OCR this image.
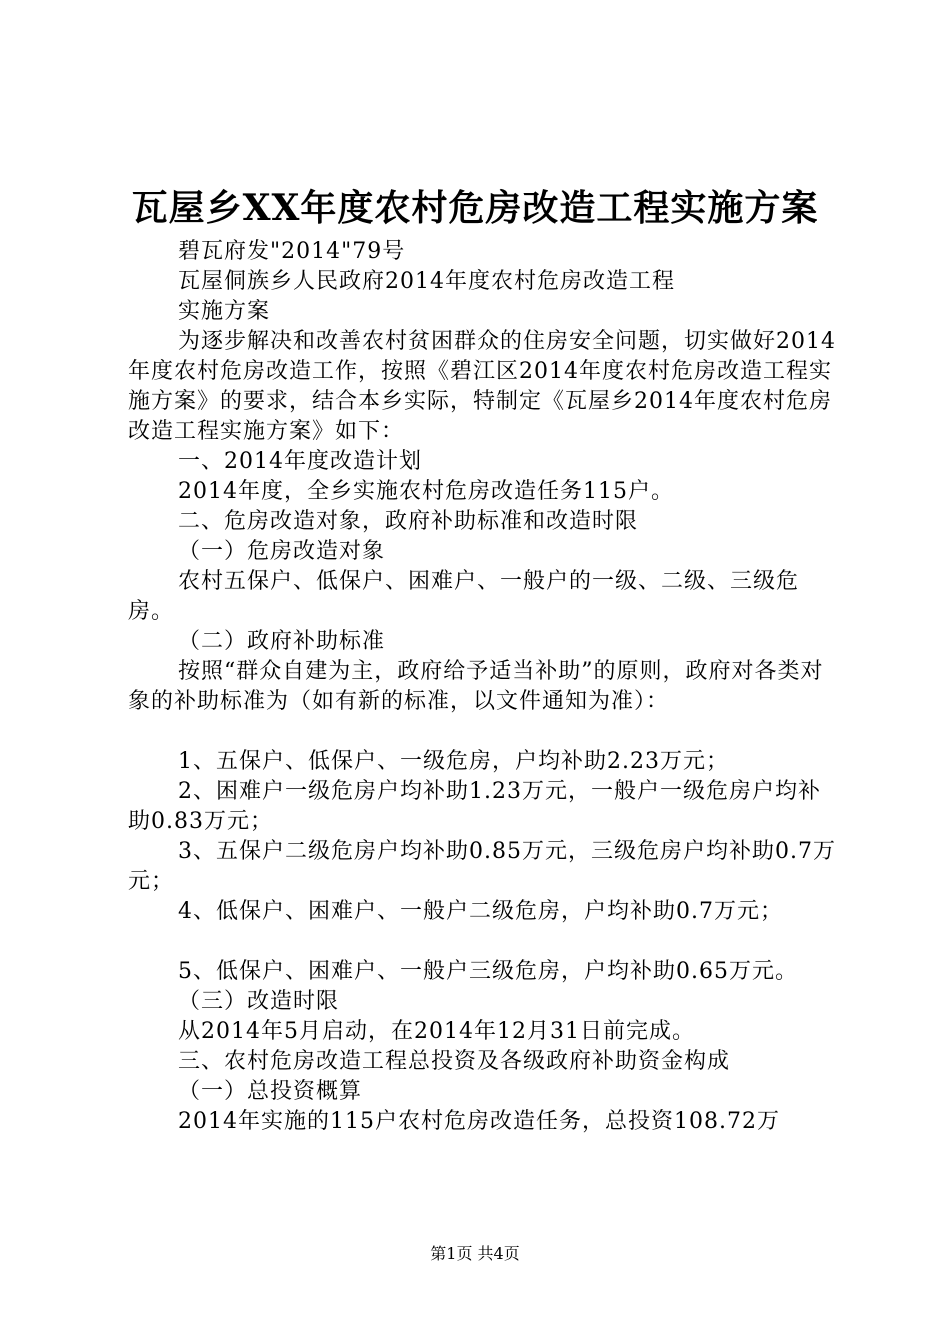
瓦屋乡XX年度农村危房改造工程实施方案

碧瓦府发"2014"79号

瓦屋侗族乡人民政府2014年度农村危房改造工程

实施方案

为逐步解决和改善农村贫困群众的住房安全问题，切实做好2014年度农村危房改造工作，按照《碧江区2014年度农村危房改造工程实施方案》的要求，结合本乡实际，特制定《瓦屋乡2014年度农村危房改造工程实施方案》如下：

一、2014年度改造计划

2014年度，全乡实施农村危房改造任务115户。

二、危房改造对象，政府补助标准和改造时限

（一）危房改造对象

农村五保户、低保户、困难户、一般户的一级、二级、三级危房。

（二）政府补助标准

按照“群众自建为主，政府给予适当补助”的原则，政府对各类对象的补助标准为（如有新的标准，以文件通知为准）：

1、五保户、低保户、一级危房，户均补助2.23万元；

2、困难户一级危房户均补助1.23万元，一般户一级危房户均补助0.83万元；

3、五保户二级危房户均补助0.85万元，三级危房户均补助0.7万元；

4、低保户、困难户、一般户二级危房，户均补助0.7万元；

5、低保户、困难户、一般户三级危房，户均补助0.65万元。

（三）改造时限

从2014年5月启动，在2014年12月31日前完成。

三、农村危房改造工程总投资及各级政府补助资金构成

（一）总投资概算

2014年实施的115户农村危房改造任务，总投资108.72万

第1页 共4页
